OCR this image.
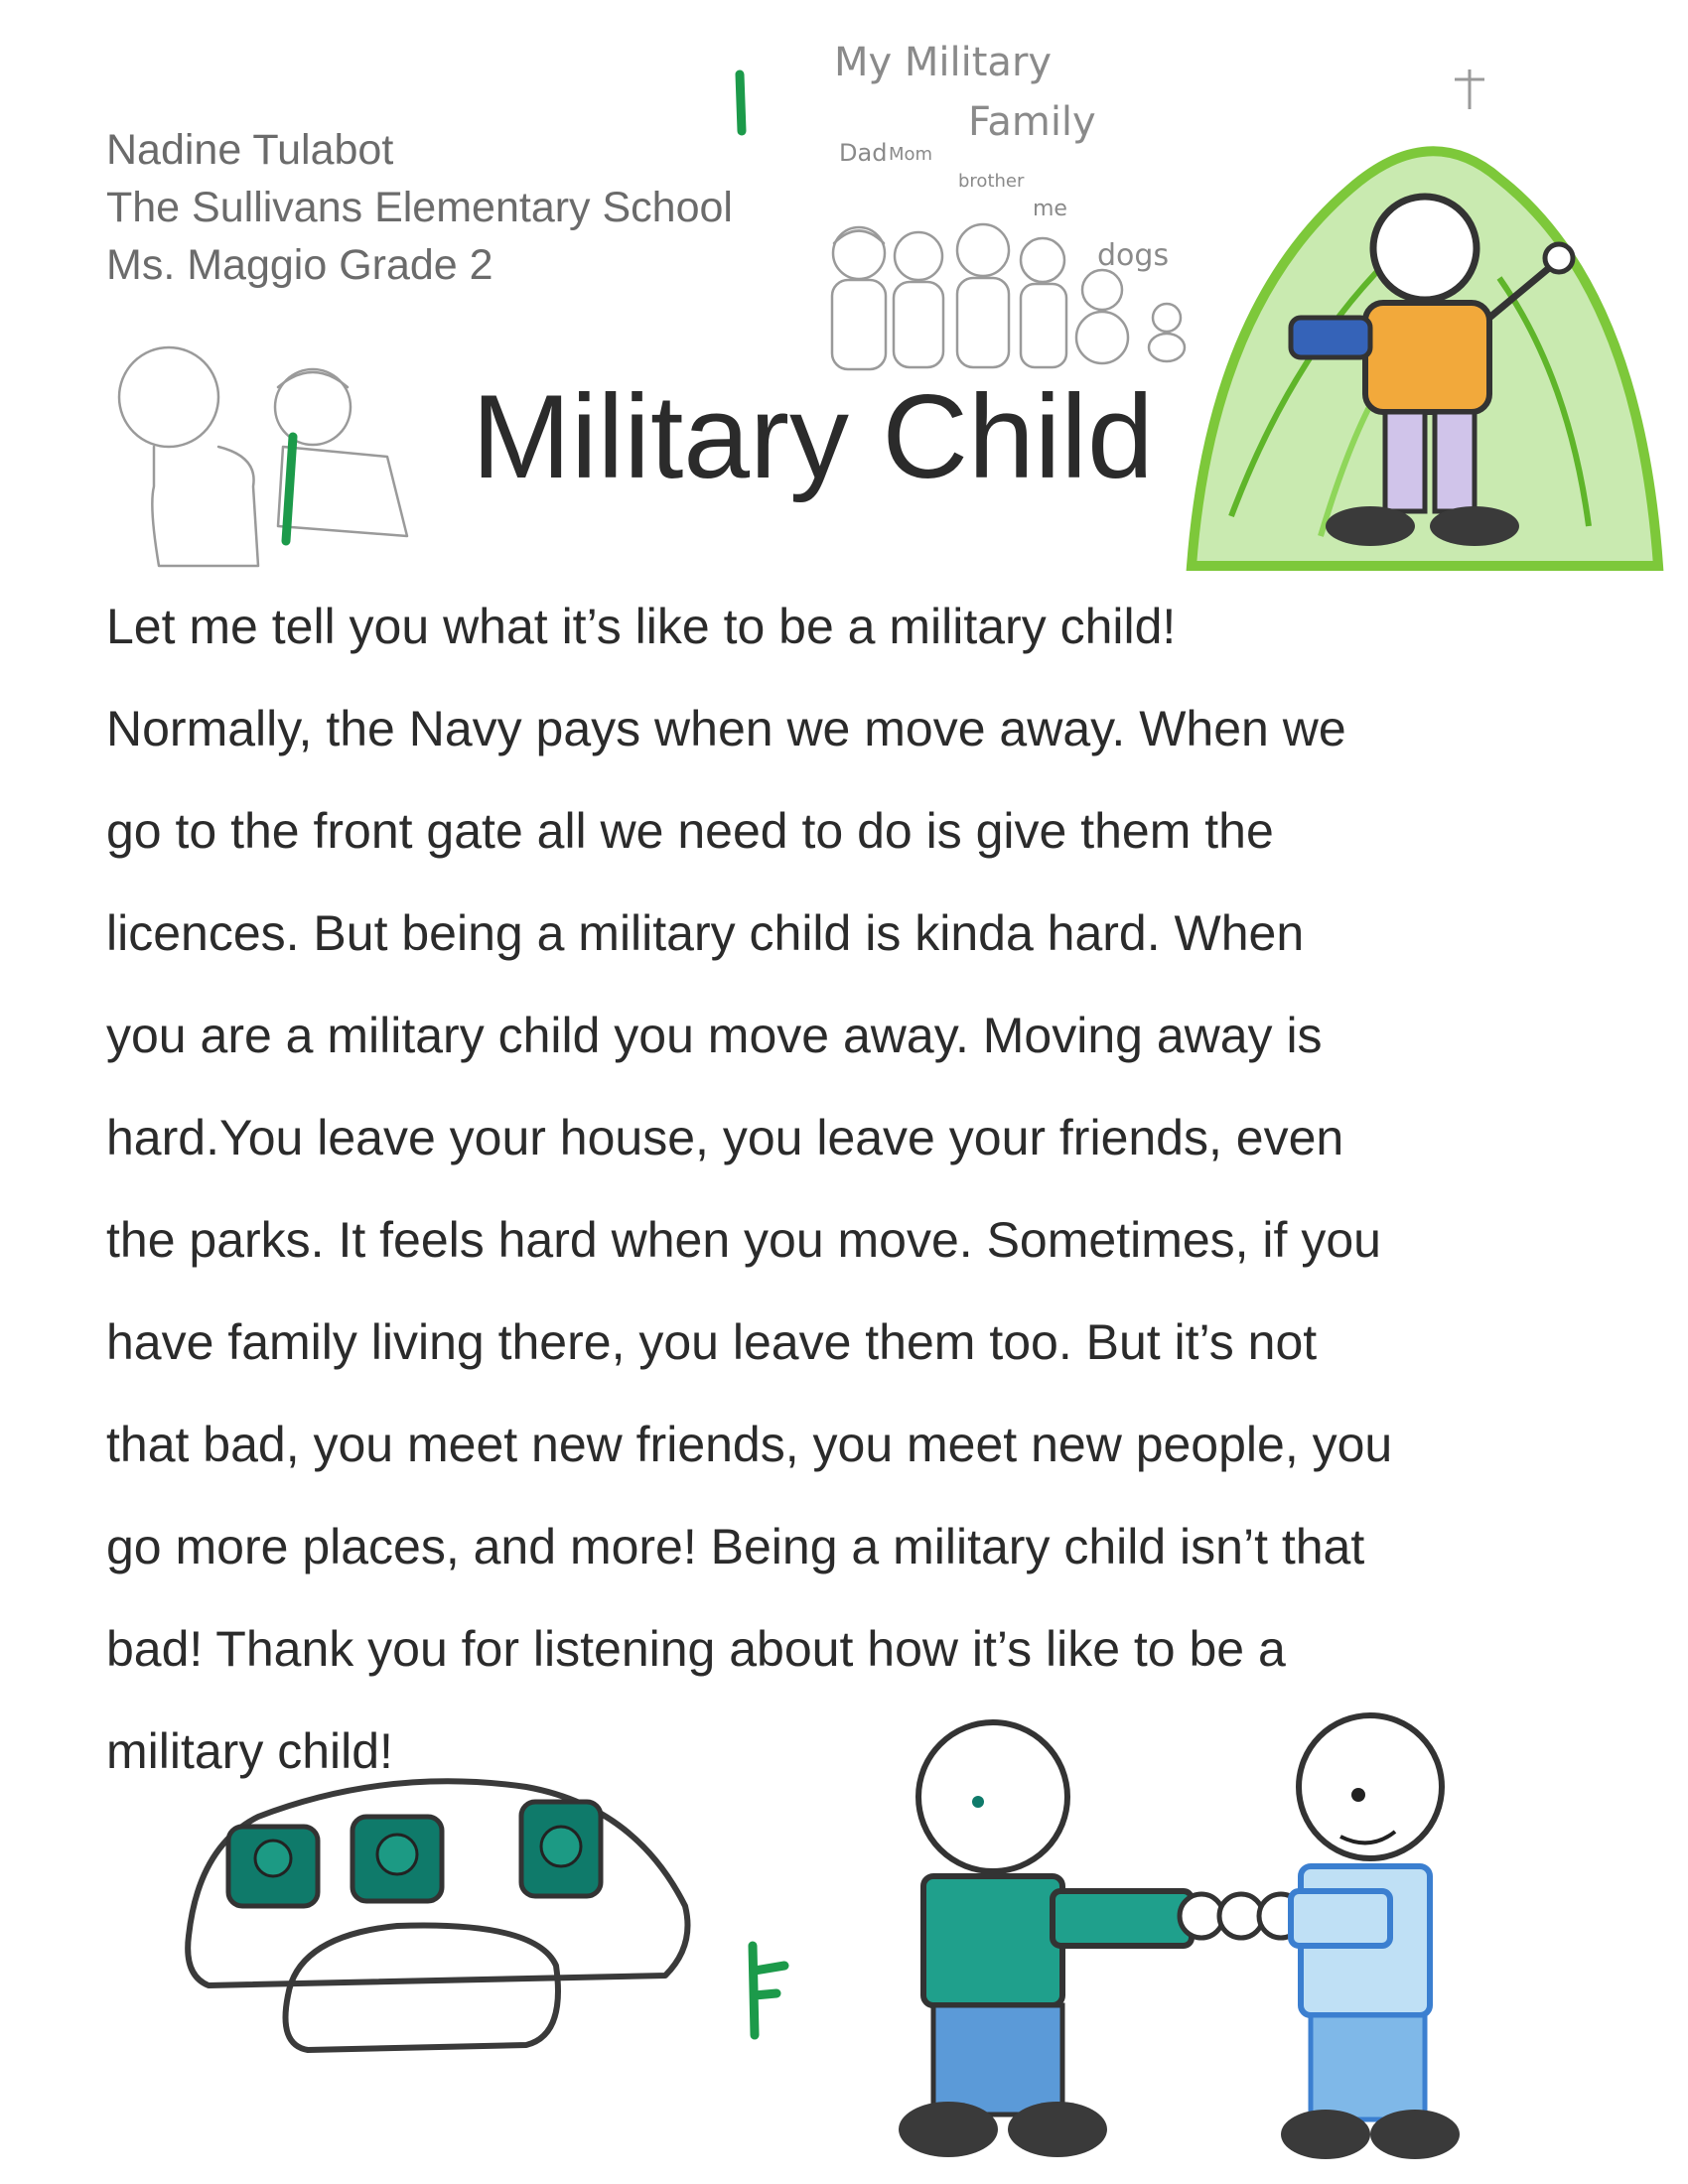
Nadine Tulabot
The Sullivans Elementary School
Ms. Maggio Grade 2
My Military
Family
Dad Mom
brother
me
dogs
Military Child
Let me tell you what it’s like to be a military child!
Normally, the Navy pays when we move away. When we
go to the front gate all we need to do is give them the
licences. But being a military child is kinda hard. When
you are a military child you move away. Moving away is
hard.You leave your house, you leave your friends, even
the parks. It feels hard when you move. Sometimes, if you
have family living there, you leave them too. But it’s not
that bad, you meet new friends, you meet new people, you
go more places, and more! Being a military child isn’t that
bad! Thank you for listening about how it’s like to be a
military child!
